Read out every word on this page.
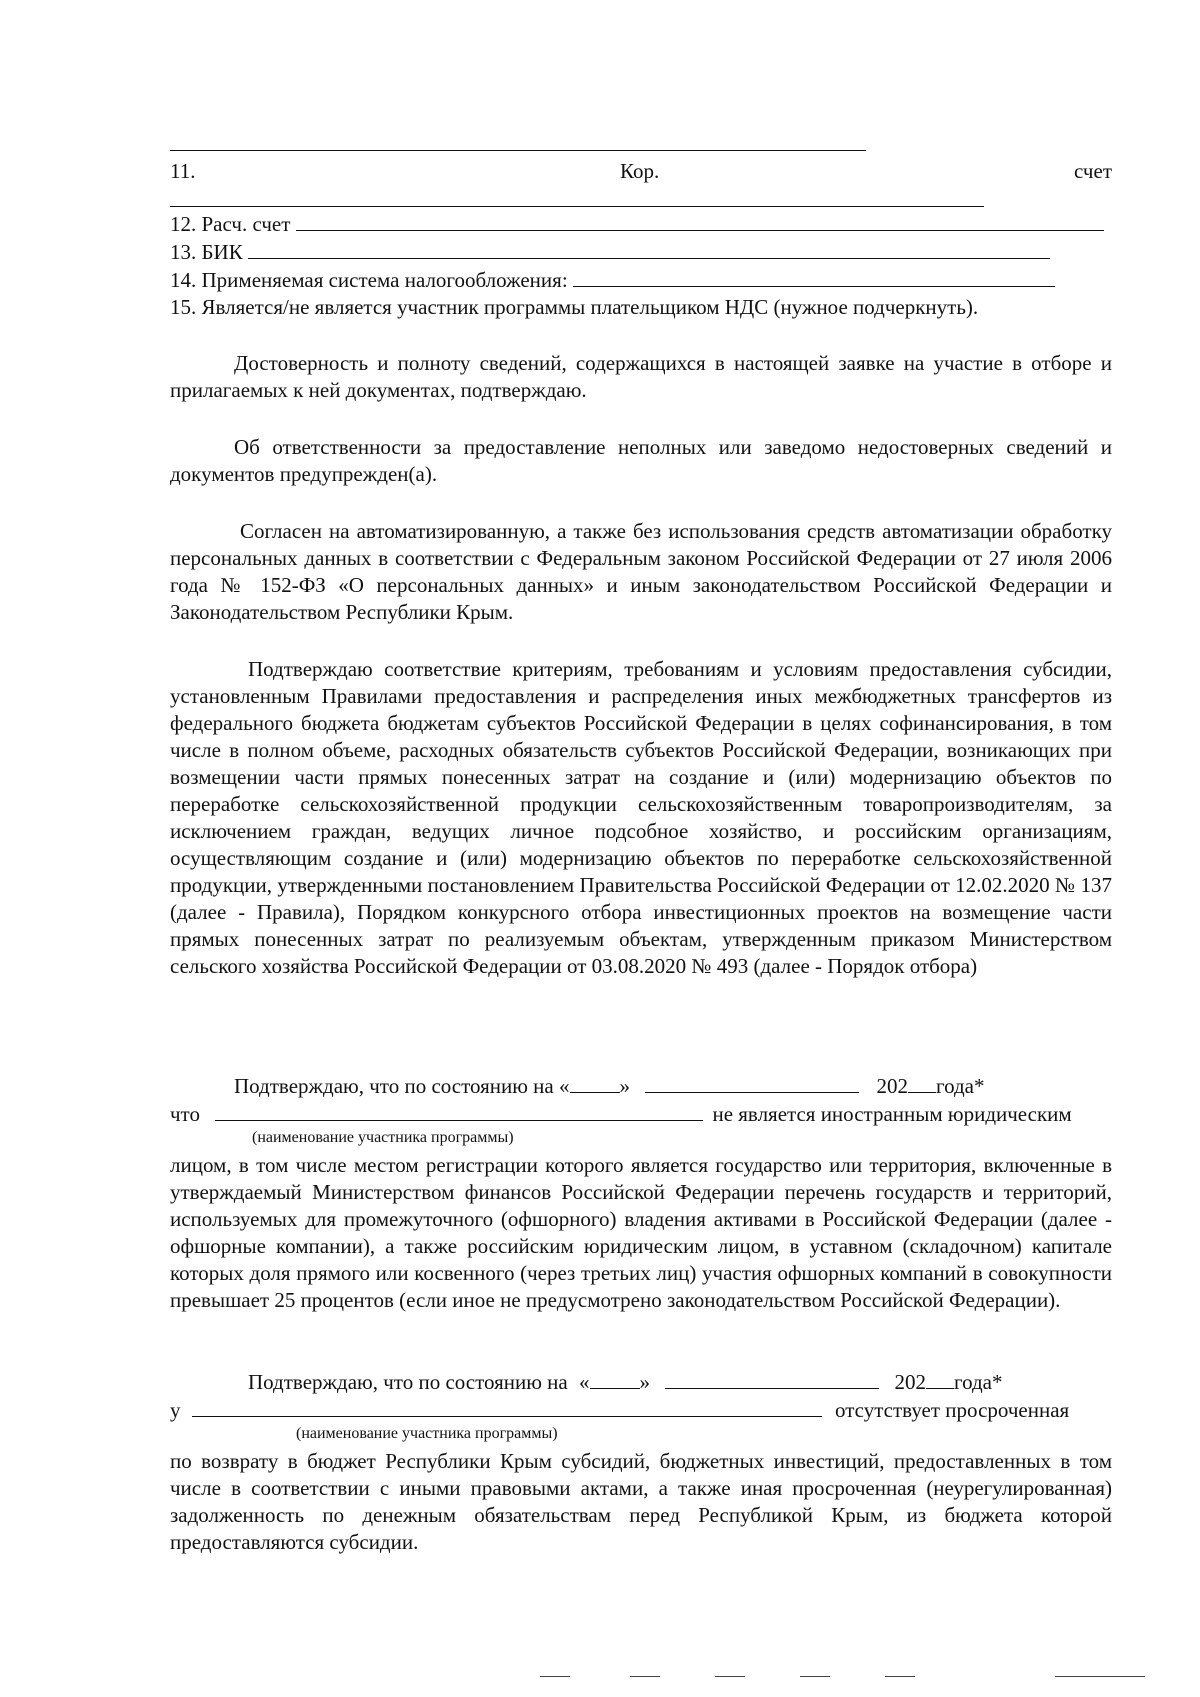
11.	Кор.	счет
12. Расч. счет
13. БИК
14. Применяемая система налогообложения:
15. Является/не является участник программы плательщиком НДС (нужное подчеркнуть).

Достоверность и полноту сведений, содержащихся в настоящей заявке на участие в отборе и прилагаемых к ней документах, подтверждаю.

Об ответственности за предоставление неполных или заведомо недостоверных сведений и документов предупрежден(а).

Согласен на автоматизированную, а также без использования средств автоматизации обработку персональных данных в соответствии с Федеральным законом Российской Федерации от 27 июля 2006 года № 152-ФЗ «О персональных данных» и иным законодательством Российской Федерации и Законодательством Республики Крым.

Подтверждаю соответствие критериям, требованиям и условиям предоставления субсидии, установленным Правилами предоставления и распределения иных межбюджетных трансфертов из федерального бюджета бюджетам субъектов Российской Федерации в целях софинансирования, в том числе в полном объеме, расходных обязательств субъектов Российской Федерации, возникающих при возмещении части прямых понесенных затрат на создание и (или) модернизацию объектов по переработке сельскохозяйственной продукции сельскохозяйственным товаропроизводителям, за исключением граждан, ведущих личное подсобное хозяйство, и российским организациям, осуществляющим создание и (или) модернизацию объектов по переработке сельскохозяйственной продукции, утвержденными постановлением Правительства Российской Федерации от 12.02.2020 № 137 (далее - Правила), Порядком конкурсного отбора инвестиционных проектов на возмещение части прямых понесенных затрат по реализуемым объектам, утвержденным приказом Министерством сельского хозяйства Российской Федерации от 03.08.2020 № 493 (далее - Порядок отбора)

Подтверждаю, что по состоянию на « »	202 года*
что	не является иностранным юридическим
(наименование участника программы)

лицом, в том числе местом регистрации которого является государство или территория, включенные в утверждаемый Министерством финансов Российской Федерации перечень государств и территорий, используемых для промежуточного (офшорного) владения активами в Российской Федерации (далее - офшорные компании), а также российским юридическим лицом, в уставном (складочном) капитале которых доля прямого или косвенного (через третьих лиц) участия офшорных компаний в совокупности превышает 25 процентов (если иное не предусмотрено законодательством Российской Федерации).

Подтверждаю, что по состоянию на « »	202 года*
у	отсутствует просроченная
(наименование участника программы)

по возврату в бюджет Республики Крым субсидий, бюджетных инвестиций, предоставленных в том числе в соответствии с иными правовыми актами, а также иная просроченная (неурегулированная) задолженность по денежным обязательствам перед Республикой Крым, из бюджета которой предоставляются субсидии.
